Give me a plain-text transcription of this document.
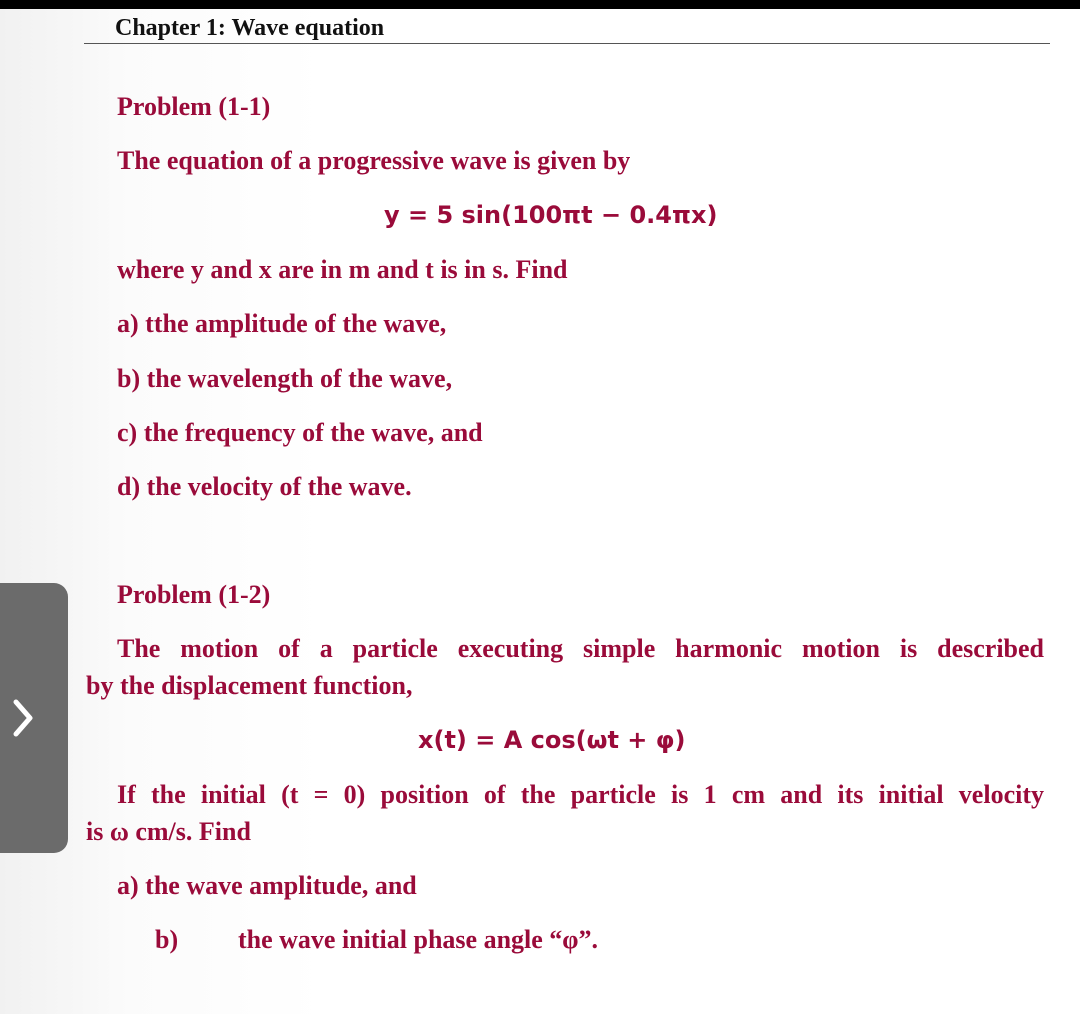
Chapter 1: Wave equation
Problem (1-1)
The equation of a progressive wave is given by
y = 5 sin(100πt − 0.4πx)
where y and x are in m and t is in s. Find
a) tthe amplitude of the wave,
b) the wavelength of the wave,
c) the frequency of the wave, and
d) the velocity of the wave.
Problem (1-2)
The motion of a particle executing simple harmonic motion is described
by the displacement function,
x(t) = A cos(ωt + φ)
If the initial (t = 0) position of the particle is 1 cm and its initial velocity
is ω cm/s. Find
a) the wave amplitude, and
b) the wave initial phase angle “φ”.
